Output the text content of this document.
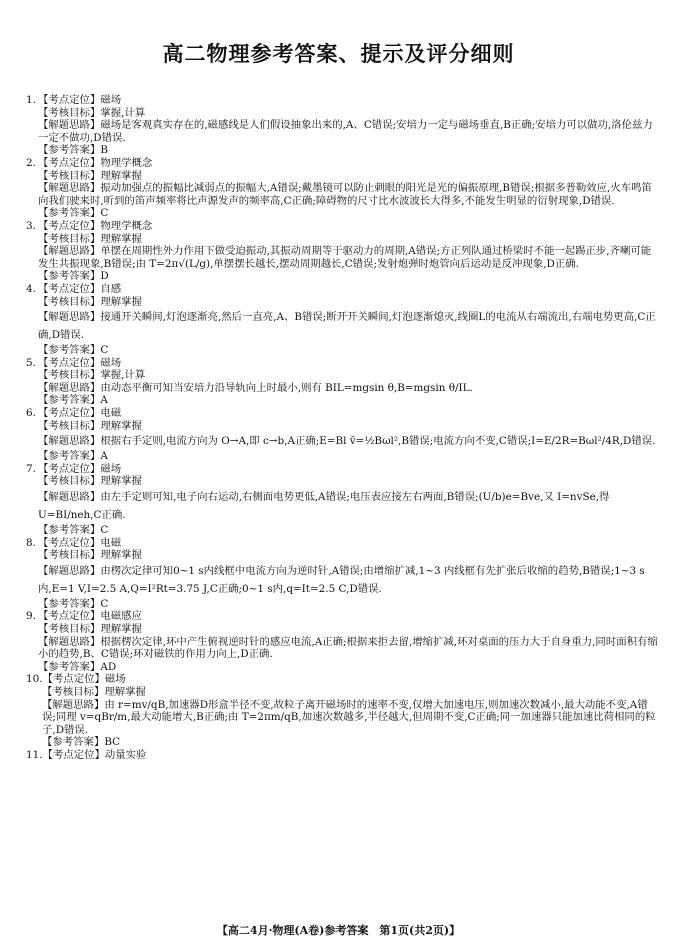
高二物理参考答案、提示及评分细则
1. 【考点定位】磁场
【考核目标】掌握,计算
【解题思路】磁场是客观真实存在的,磁感线是人们假设抽象出来的,A、C错误;安培力一定与磁场垂直,B正确;安培力可以做功,洛伦兹力一定不做功,D错误.
【参考答案】B
2. 【考点定位】物理学概念
【考核目标】理解掌握
【解题思路】振动加强点的振幅比减弱点的振幅大,A错误;戴墨镜可以防止刺眼的阳光是光的偏振原理,B错误;根据多普勒效应,火车鸣笛向我们驶来时,听到的笛声频率将比声源发声的频率高,C正确;障碍物的尺寸比水波波长大得多,不能发生明显的衍射现象,D错误.
【参考答案】C
3. 【考点定位】物理学概念
【考核目标】理解掌握
【解题思路】单摆在周期性外力作用下做受迫振动,其振动周期等于驱动力的周期,A错误;方正列队通过桥梁时不能一起踢正步,齐喇可能发生共振现象,B错误;由 T=2π√(L/g),单摆摆长越长,摆动周期越长,C错误;发射炮弹时炮管向后运动是反冲现象,D正确.
【参考答案】D
4. 【考点定位】自感
【考核目标】理解掌握
【解题思路】接通开关瞬间,灯泡逐渐亮,然后一直亮,A、B错误;断开开关瞬间,灯泡逐渐熄灭,线圈L的电流从右端流出,右端电势更高,C正确,D错误.
【参考答案】C
5. 【考点定位】磁场
【考核目标】掌握,计算
【解题思路】由动态平衡可知当安培力沿导轨向上时最小,则有 BIL=mgsin θ,B=mgsin θ/IL.
【参考答案】A
6. 【考点定位】电磁
【考核目标】理解掌握
【解题思路】根据右手定则,电流方向为 O→A,即 c→b,A正确;E=Bl v̄=½Bωl²,B错误;电流方向不变,C错误;I=E/2R=Bωl²/4R,D错误.
【参考答案】A
7. 【考点定位】磁场
【考核目标】理解掌握
【解题思路】由左手定则可知,电子向右运动,右侧面电势更低,A错误;电压表应接左右两面,B错误;(U/b)e=Bve,又 I=nvSe,得 U=BI/neh,C正确.
【参考答案】C
8. 【考点定位】电磁
【考核目标】理解掌握
【解题思路】由楞次定律可知0~1 s内线框中电流方向为逆时针,A错误;由增缩扩减,1~3 内线框有先扩张后收缩的趋势,B错误;1~3 s内,E=1 V,I=2.5 A,Q=I²Rt=3.75 J,C正确;0~1 s内,q=It=2.5 C,D错误.
【参考答案】C
9. 【考点定位】电磁感应
【考核目标】理解掌握
【解题思路】根据楞次定律,环中产生俯视逆时针的感应电流,A正确;根据来拒去留,增缩扩减,环对桌面的压力大于自身重力,同时面积有缩小的趋势,B、C错误;环对磁铁的作用力向上,D正确.
【参考答案】AD
10.【考点定位】磁场
【考核目标】理解掌握
【解题思路】由 r=mv/qB,加速器D形盒半径不变,故粒子离开磁场时的速率不变,仅增大加速电压,则加速次数减小,最大动能不变,A错误;同理 v=qBr/m,最大动能增大,B正确;由 T=2πm/qB,加速次数越多,半径越大,但周期不变,C正确;同一加速器只能加速比荷相同的粒子,D错误.
【参考答案】BC
11.【考点定位】动量实验
【高二4月·物理(A卷)参考答案　第1页(共2页)】
